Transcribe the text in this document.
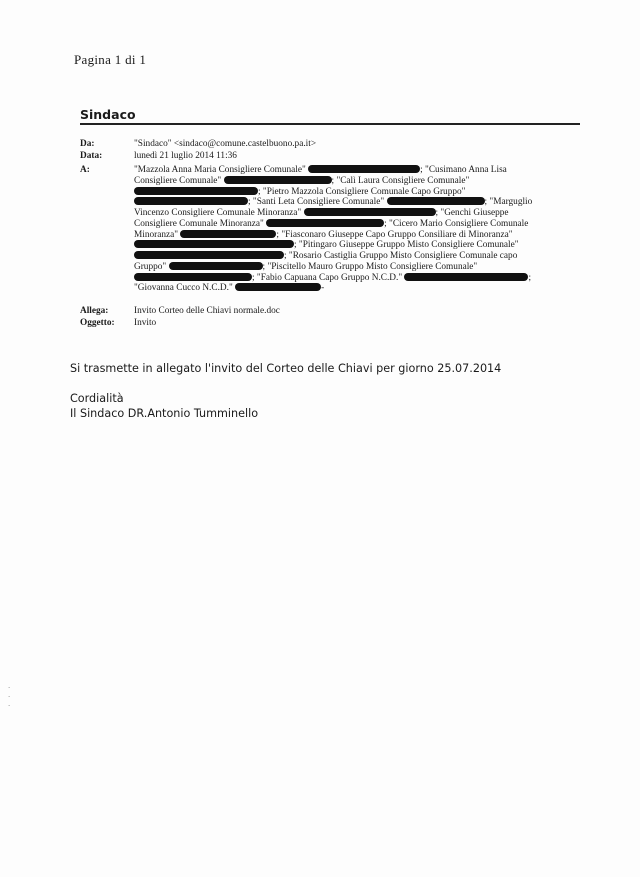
Pagina 1 di 1
Sindaco
Da:	"Sindaco" <sindaco@comune.castelbuono.pa.it>
Data:	lunedì 21 luglio 2014 11:36
A:	"Mazzola Anna Maria Consigliere Comunale"	; "Cusimano Anna Lisa
Consigliere Comunale"	; "Calì Laura Consigliere Comunale"
; "Pietro Mazzola Consigliere Comunale Capo Gruppo"
; "Santi Leta Consigliere Comunale"	; "Marguglio
Vincenzo Consigliere Comunale Minoranza"	; "Genchi Giuseppe
Consigliere Comunale Minoranza"	; "Cicero Mario Consigliere Comunale
Minoranza"	; "Fiasconaro Giuseppe Capo Gruppo Consiliare di Minoranza"
; "Pitingaro Giuseppe Gruppo Misto Consigliere Comunale"
; "Rosario Castiglia Gruppo Misto Consigliere Comunale capo
Gruppo"	; "Piscitello Mauro Gruppo Misto Consigliere Comunale"
; "Fabio Capuana Capo Gruppo N.C.D."	;
"Giovanna Cucco N.C.D."	-
Allega:	Invito Corteo delle Chiavi normale.doc
Oggetto:	Invito
Si trasmette in allegato l'invito del Corteo delle Chiavi per giorno 25.07.2014
Cordialità
Il Sindaco DR.Antonio Tumminello
·
·
·
